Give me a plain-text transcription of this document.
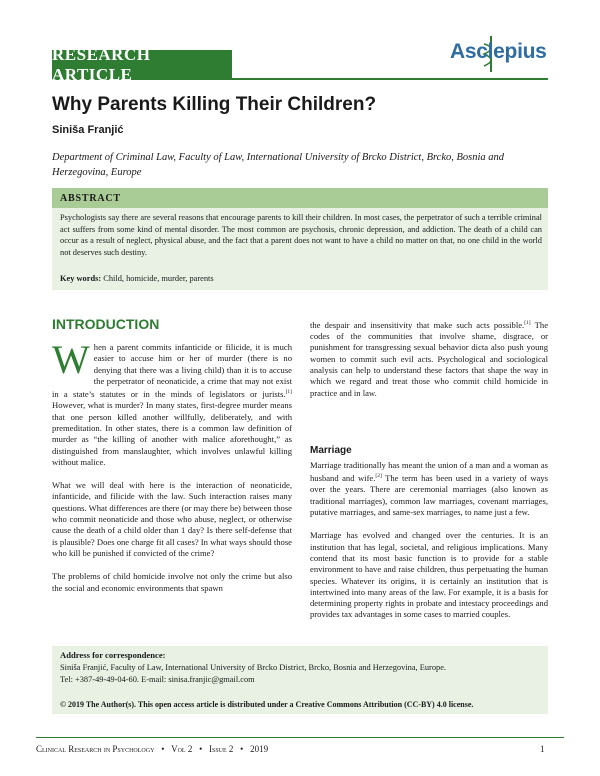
RESEARCH ARTICLE
Asclepius
Why Parents Killing Their Children?
Siniša Franjić
Department of Criminal Law, Faculty of Law, International University of Brcko District, Brcko, Bosnia and Herzegovina, Europe
ABSTRACT
Psychologists say there are several reasons that encourage parents to kill their children. In most cases, the perpetrator of such a terrible criminal act suffers from some kind of mental disorder. The most common are psychosis, chronic depression, and addiction. The death of a child can occur as a result of neglect, physical abuse, and the fact that a parent does not want to have a child no matter on that, no one child in the world not deserves such destiny.
Key words: Child, homicide, murder, parents
INTRODUCTION

When a parent commits infanticide or filicide, it is much easier to accuse him or her of murder (there is no denying that there was a living child) than it is to accuse the perpetrator of neonaticide, a crime that may not exist in a state’s statutes or in the minds of legislators or jurists.[1] However, what is murder? In many states, first-degree murder means that one person killed another willfully, deliberately, and with premeditation. In other states, there is a common law definition of murder as “the killing of another with malice aforethought,” as distinguished from manslaughter, which involves unlawful killing without malice.

What we will deal with here is the interaction of neonaticide, infanticide, and filicide with the law. Such interaction raises many questions. What differences are there (or may there be) between those who commit neonaticide and those who abuse, neglect, or otherwise cause the death of a child older than 1 day? Is there self-defense that is plausible? Does one charge fit all cases? In what ways should those who kill be punished if convicted of the crime?

The problems of child homicide involve not only the crime but also the social and economic environments that spawn

the despair and insensitivity that make such acts possible.[1] The codes of the communities that involve shame, disgrace, or punishment for transgressing sexual behavior dicta also push young women to commit such evil acts. Psychological and sociological analysis can help to understand these factors that shape the way in which we regard and treat those who commit child homicide in practice and in law.

Marriage

Marriage traditionally has meant the union of a man and a woman as husband and wife.[2] The term has been used in a variety of ways over the years. There are ceremonial marriages (also known as traditional marriages), common law marriages, covenant marriages, putative marriages, and same-sex marriages, to name just a few.

Marriage has evolved and changed over the centuries. It is an institution that has legal, societal, and religious implications. Many contend that its most basic function is to provide for a stable environment to have and raise children, thus perpetuating the human species. Whatever its origins, it is certainly an institution that is intertwined into many areas of the law. For example, it is a basis for determining property rights in probate and intestacy proceedings and provides tax advantages in some cases to married couples.

Address for correspondence:
Siniša Franjić, Faculty of Law, International University of Brcko District, Brcko, Bosnia and Herzegovina, Europe.
Tel: +387-49-49-04-60. E-mail: sinisa.franjic@gmail.com
© 2019 The Author(s). This open access article is distributed under a Creative Commons Attribution (CC-BY) 4.0 license.
Clinical Research in Psychology • Vol 2 • Issue 2 • 2019	1
